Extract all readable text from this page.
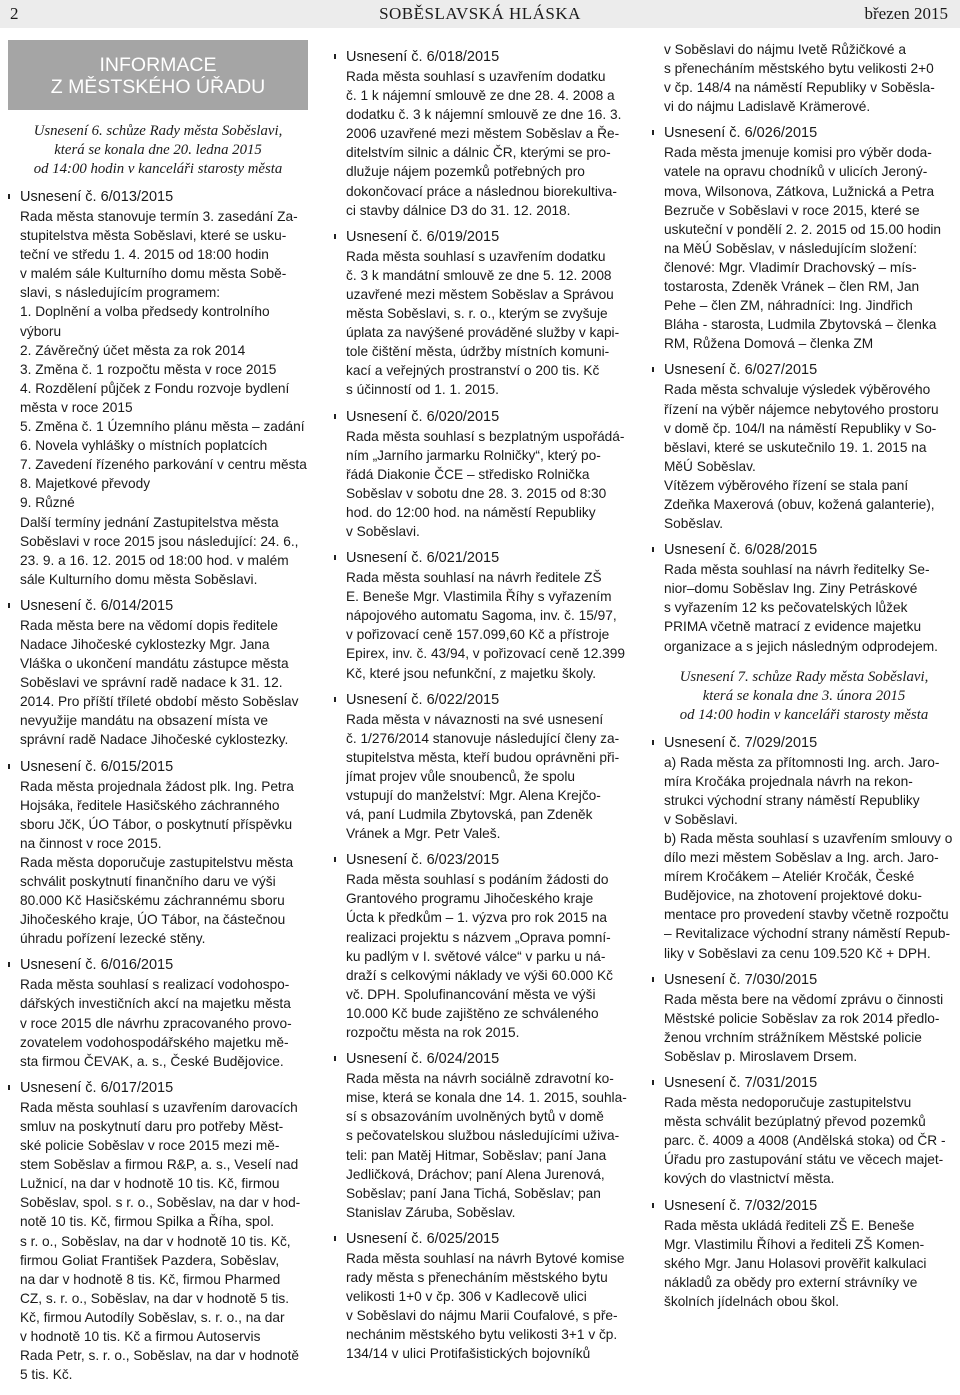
2	SOBĚSLAVSKÁ HLÁSKA	březen 2015
INFORMACE
Z MĚSTSKÉHO ÚŘADU
Usnesení 6. schůze Rady města Soběslavi,
která se konala dne 20. ledna 2015
od 14:00 hodin v kanceláři starosty města
Usnesení č. 6/013/2015
Rada města stanovuje termín 3. zasedání Za-
stupitelstva města Soběslavi, které se usku-
teční ve středu 1. 4. 2015 od 18:00 hodin
v malém sále Kulturního domu města Sobě-
slavi, s následujícím programem:
1. Doplnění a volba předsedy kontrolního
výboru
2. Závěrečný účet města za rok 2014
3. Změna č. 1 rozpočtu města v roce 2015
4. Rozdělení půjček z Fondu rozvoje bydlení
města v roce 2015
5. Změna č. 1 Územního plánu města – zadání
6. Novela vyhlášky o místních poplatcích
7. Zavedení řízeného parkování v centru města
8. Majetkové převody
9. Různé
Další termíny jednání Zastupitelstva města
Soběslavi v roce 2015 jsou následující: 24. 6.,
23. 9. a 16. 12. 2015 od 18:00 hod. v malém
sále Kulturního domu města Soběslavi.
Usnesení č. 6/014/2015
Rada města bere na vědomí dopis ředitele
Nadace Jihočeské cyklostezky Mgr. Jana
Vláška o ukončení mandátu zástupce města
Soběslavi ve správní radě nadace k 31. 12.
2014. Pro příští tříleté období město Soběslav
nevyužije mandátu na obsazení místa ve
správní radě Nadace Jihočeské cyklostezky.
Usnesení č. 6/015/2015
Rada města projednala žádost plk. Ing. Petra
Hojsáka, ředitele Hasičského záchranného
sboru JčK, ÚO Tábor, o poskytnutí příspěvku
na činnost v roce 2015.
Rada města doporučuje zastupitelstvu města
schválit poskytnutí finančního daru ve výši
80.000 Kč Hasičskému záchrannému sboru
Jihočeského kraje, ÚO Tábor, na částečnou
úhradu pořízení lezecké stěny.
Usnesení č. 6/016/2015
Rada města souhlasí s realizací vodohospo-
dářských investičních akcí na majetku města
v roce 2015 dle návrhu zpracovaného provo-
zovatelem vodohospodářského majetku mě-
sta firmou ČEVAK, a. s., České Budějovice.
Usnesení č. 6/017/2015
Rada města souhlasí s uzavřením darovacích
smluv na poskytnutí daru pro potřeby Měst-
ské policie Soběslav v roce 2015 mezi mě-
stem Soběslav a firmou R&P, a. s., Veselí nad
Lužnicí, na dar v hodnotě 10 tis. Kč, firmou
Soběslav, spol. s r. o., Soběslav, na dar v hod-
notě 10 tis. Kč, firmou Spilka a Říha, spol.
s r. o., Soběslav, na dar v hodnotě 10 tis. Kč,
firmou Goliat František Pazdera, Soběslav,
na dar v hodnotě 8 tis. Kč, firmou Pharmed
CZ, s. r. o., Soběslav, na dar v hodnotě 5 tis.
Kč, firmou Autodíly Soběslav, s. r. o., na dar
v hodnotě 10 tis. Kč a firmou Autoservis
Rada Petr, s. r. o., Soběslav, na dar v hodnotě
5 tis. Kč.
Usnesení č. 6/018/2015
Rada města souhlasí s uzavřením dodatku
č. 1 k nájemní smlouvě ze dne 28. 4. 2008 a
dodatku č. 3 k nájemní smlouvě ze dne 16. 3.
2006 uzavřené mezi městem Soběslav a Ře-
ditelstvím silnic a dálnic ČR, kterými se pro-
dlužuje nájem pozemků potřebných pro
dokončovací práce a následnou biorekultiva-
ci stavby dálnice D3 do 31. 12. 2018.
Usnesení č. 6/019/2015
Rada města souhlasí s uzavřením dodatku
č. 3 k mandátní smlouvě ze dne 5. 12. 2008
uzavřené mezi městem Soběslav a Správou
města Soběslavi, s. r. o., kterým se zvyšuje
úplata za navýšené prováděné služby v kapi-
tole čištění města, údržby místních komuni-
kací a veřejných prostranství o 200 tis. Kč
s účinností od 1. 1. 2015.
Usnesení č. 6/020/2015
Rada města souhlasí s bezplatným uspořádá-
ním „Jarního jarmarku Rolničky“, který po-
řádá Diakonie ČCE – středisko Rolnička
Soběslav v sobotu dne 28. 3. 2015 od 8:30
hod. do 12:00 hod. na náměstí Republiky
v Soběslavi.
Usnesení č. 6/021/2015
Rada města souhlasí na návrh ředitele ZŠ
E. Beneše Mgr. Vlastimila Říhy s vyřazením
nápojového automatu Sagoma, inv. č. 15/97,
v pořizovací ceně 157.099,60 Kč a přístroje
Epirex, inv. č. 43/94, v pořizovací ceně 12.399
Kč, které jsou nefunkční, z majetku školy.
Usnesení č. 6/022/2015
Rada města v návaznosti na své usnesení
č. 1/276/2014 stanovuje následující členy za-
stupitelstva města, kteří budou oprávněni při-
jímat projev vůle snoubenců, že spolu
vstupují do manželství: Mgr. Alena Krejčo-
vá, paní Ludmila Zbytovská, pan Zdeněk
Vránek a Mgr. Petr Valeš.
Usnesení č. 6/023/2015
Rada města souhlasí s podáním žádosti do
Grantového programu Jihočeského kraje
Úcta k předkům – 1. výzva pro rok 2015 na
realizaci projektu s názvem „Oprava pomní-
ku padlým v I. světové válce“ v parku u ná-
draží s celkovými náklady ve výši 60.000 Kč
vč. DPH. Spolufinancování města ve výši
10.000 Kč bude zajištěno ze schváleného
rozpočtu města na rok 2015.
Usnesení č. 6/024/2015
Rada města na návrh sociálně zdravotní ko-
mise, která se konala dne 14. 1. 2015, souhla-
sí s obsazováním uvolněných bytů v domě
s pečovatelskou službou následujícími uživa-
teli: pan Matěj Hitmar, Soběslav; paní Jana
Jedličková, Dráchov; paní Alena Jurenová,
Soběslav; paní Jana Tichá, Soběslav; pan
Stanislav Záruba, Soběslav.
Usnesení č. 6/025/2015
Rada města souhlasí na návrh Bytové komise
rady města s přenecháním městského bytu
velikosti 1+0 v čp. 306 v Kadlecově ulici
v Soběslavi do nájmu Marii Coufalové, s pře-
nechánim městského bytu velikosti 3+1 v čp.
134/14 v ulici Protifašistických bojovníků
v Soběslavi do nájmu Ivetě Růžičkové a
s přenecháním městského bytu velikosti 2+0
v čp. 148/4 na náměstí Republiky v Soběsla-
vi do nájmu Ladislavě Krämerové.
Usnesení č. 6/026/2015
Rada města jmenuje komisi pro výběr doda-
vatele na opravu chodníků v ulicích Jeroný-
mova, Wilsonova, Zátkova, Lužnická a Petra
Bezruče v Soběslavi v roce 2015, které se
uskuteční v pondělí 2. 2. 2015 od 15.00 hodin
na MěÚ Soběslav, v následujícím složení:
členové: Mgr. Vladimír Drachovský – mís-
tostarosta, Zdeněk Vránek – člen RM, Jan
Pehe – člen ZM, náhradníci: Ing. Jindřich
Bláha - starosta, Ludmila Zbytovská – členka
RM, Růžena Domová – členka ZM
Usnesení č. 6/027/2015
Rada města schvaluje výsledek výběrového
řízení na výběr nájemce nebytového prostoru
v domě čp. 104/I na náměstí Republiky v So-
běslavi, které se uskutečnilo 19. 1. 2015 na
MěÚ Soběslav.
Vítězem výběrového řízení se stala paní
Zdeňka Maxerová (obuv, kožená galanterie),
Soběslav.
Usnesení č. 6/028/2015
Rada města souhlasí na návrh ředitelky Se-
nior–domu Soběslav Ing. Ziny Petráskové
s vyřazením 12 ks pečovatelských lůžek
PRIMA včetně matrací z evidence majetku
organizace a s jejich následným odprodejem.
Usnesení 7. schůze Rady města Soběslavi,
která se konala dne 3. února 2015
od 14:00 hodin v kanceláři starosty města
Usnesení č. 7/029/2015
a) Rada města za přítomnosti Ing. arch. Jaro-
míra Kročáka projednala návrh na rekon-
strukci východní strany náměstí Republiky
v Soběslavi.
b) Rada města souhlasí s uzavřením smlouvy o
dílo mezi městem Soběslav a Ing. arch. Jaro-
mírem Kročákem – Ateliér Kročák, České
Budějovice, na zhotovení projektové doku-
mentace pro provedení stavby včetně rozpočtu
– Revitalizace východní strany náměstí Repub-
liky v Soběslavi za cenu 109.520 Kč + DPH.
Usnesení č. 7/030/2015
Rada města bere na vědomí zprávu o činnosti
Městské policie Soběslav za rok 2014 předlo-
ženou vrchním strážníkem Městské policie
Soběslav p. Miroslavem Drsem.
Usnesení č. 7/031/2015
Rada města nedoporučuje zastupitelstvu
města schválit bezúplatný převod pozemků
parc. č. 4009 a 4008 (Andělská stoka) od ČR -
Úřadu pro zastupování státu ve věcech majet-
kových do vlastnictví města.
Usnesení č. 7/032/2015
Rada města ukládá řediteli ZŠ E. Beneše
Mgr. Vlastimilu Říhovi a řediteli ZŠ Komen-
ského Mgr. Janu Holasovi prověřit kalkulaci
nákladů za obědy pro externí strávníky ve
školních jídelnách obou škol.
